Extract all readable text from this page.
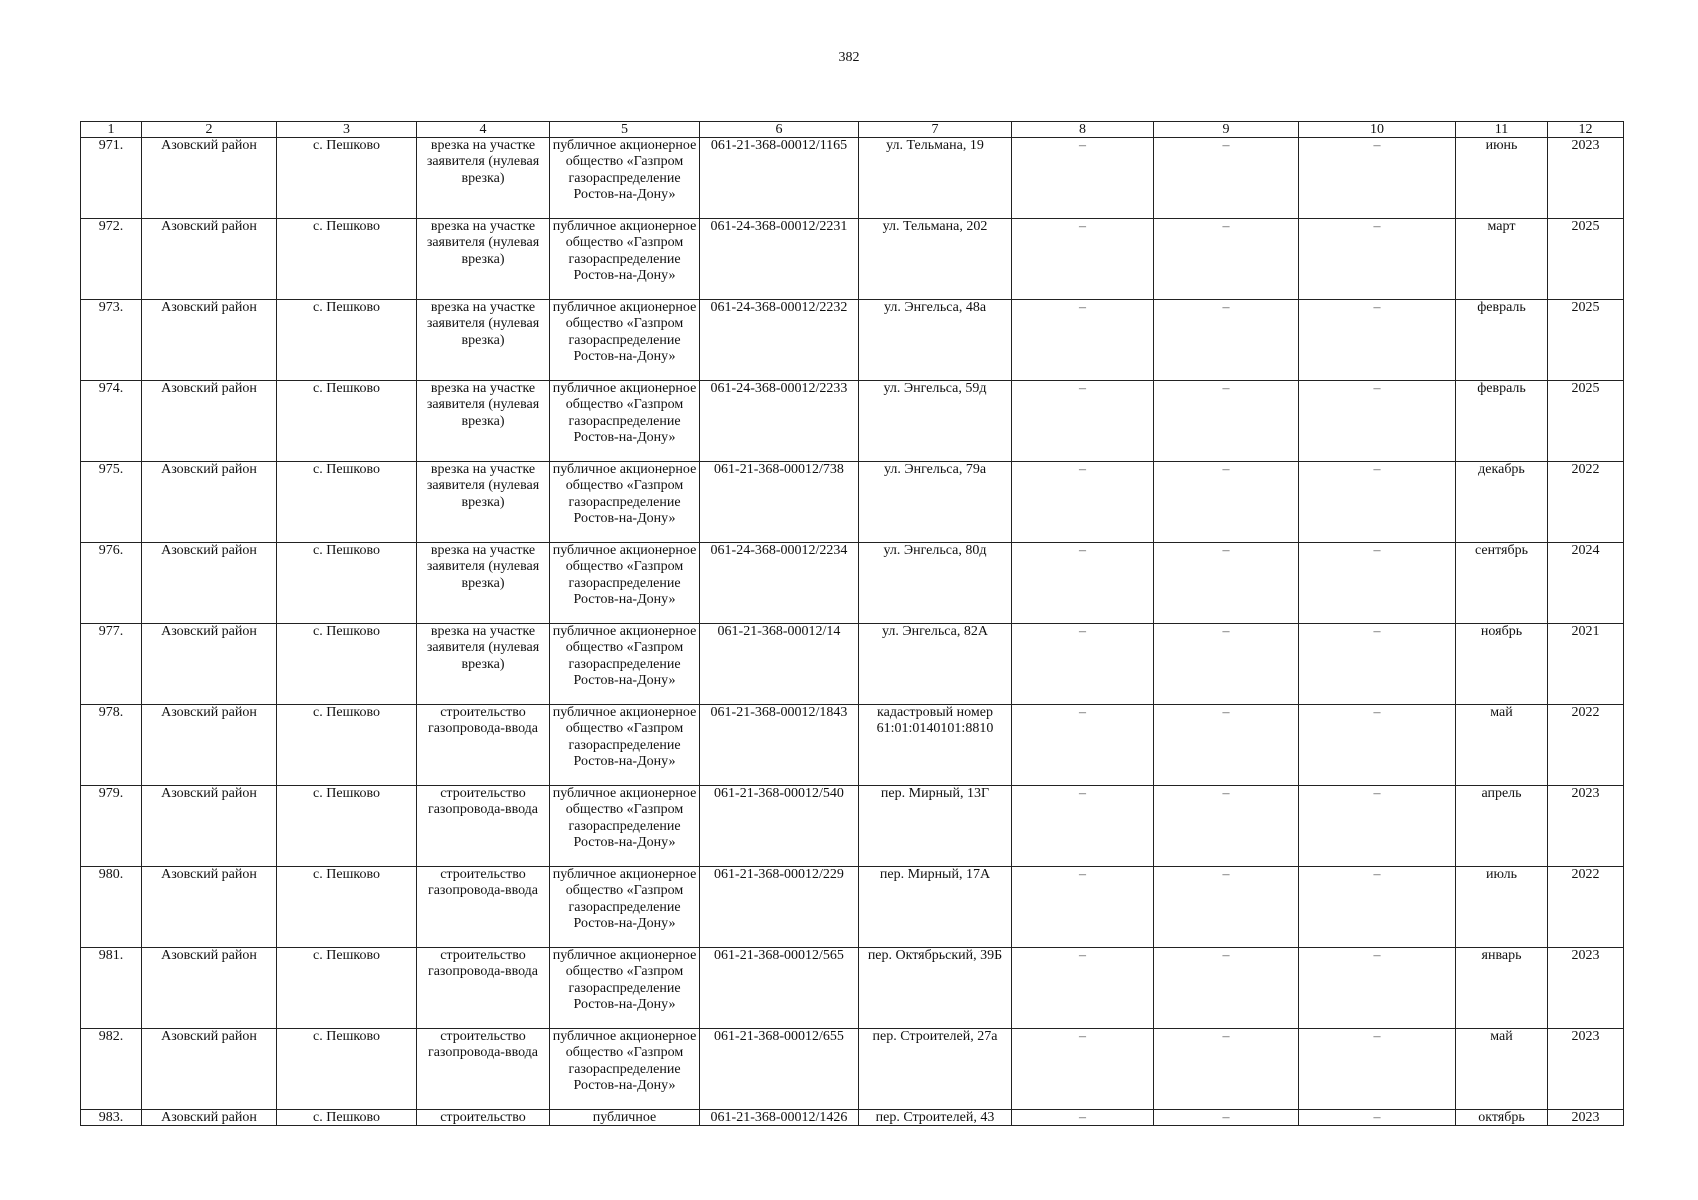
382
1	2	3	4	5	6	7	8	9	10	11	12
971.	Азовский район	с. Пешково	врезка на участке заявителя (нулевая врезка)	публичное акционерное общество «Газпром газораспределение Ростов-на-Дону»	061-21-368-00012/1165	ул. Тельмана, 19	–	–	–	июнь	2023
972.	Азовский район	с. Пешково	врезка на участке заявителя (нулевая врезка)	публичное акционерное общество «Газпром газораспределение Ростов-на-Дону»	061-24-368-00012/2231	ул. Тельмана, 202	–	–	–	март	2025
973.	Азовский район	с. Пешково	врезка на участке заявителя (нулевая врезка)	публичное акционерное общество «Газпром газораспределение Ростов-на-Дону»	061-24-368-00012/2232	ул. Энгельса, 48а	–	–	–	февраль	2025
974.	Азовский район	с. Пешково	врезка на участке заявителя (нулевая врезка)	публичное акционерное общество «Газпром газораспределение Ростов-на-Дону»	061-24-368-00012/2233	ул. Энгельса, 59д	–	–	–	февраль	2025
975.	Азовский район	с. Пешково	врезка на участке заявителя (нулевая врезка)	публичное акционерное общество «Газпром газораспределение Ростов-на-Дону»	061-21-368-00012/738	ул. Энгельса, 79а	–	–	–	декабрь	2022
976.	Азовский район	с. Пешково	врезка на участке заявителя (нулевая врезка)	публичное акционерное общество «Газпром газораспределение Ростов-на-Дону»	061-24-368-00012/2234	ул. Энгельса, 80д	–	–	–	сентябрь	2024
977.	Азовский район	с. Пешково	врезка на участке заявителя (нулевая врезка)	публичное акционерное общество «Газпром газораспределение Ростов-на-Дону»	061-21-368-00012/14	ул. Энгельса, 82А	–	–	–	ноябрь	2021
978.	Азовский район	с. Пешково	строительство газопровода-ввода	публичное акционерное общество «Газпром газораспределение Ростов-на-Дону»	061-21-368-00012/1843	кадастровый номер 61:01:0140101:8810	–	–	–	май	2022
979.	Азовский район	с. Пешково	строительство газопровода-ввода	публичное акционерное общество «Газпром газораспределение Ростов-на-Дону»	061-21-368-00012/540	пер. Мирный, 13Г	–	–	–	апрель	2023
980.	Азовский район	с. Пешково	строительство газопровода-ввода	публичное акционерное общество «Газпром газораспределение Ростов-на-Дону»	061-21-368-00012/229	пер. Мирный, 17А	–	–	–	июль	2022
981.	Азовский район	с. Пешково	строительство газопровода-ввода	публичное акционерное общество «Газпром газораспределение Ростов-на-Дону»	061-21-368-00012/565	пер. Октябрьский, 39Б	–	–	–	январь	2023
982.	Азовский район	с. Пешково	строительство газопровода-ввода	публичное акционерное общество «Газпром газораспределение Ростов-на-Дону»	061-21-368-00012/655	пер. Строителей, 27а	–	–	–	май	2023
983.	Азовский район	с. Пешково	строительство	публичное	061-21-368-00012/1426	пер. Строителей, 43	–	–	–	октябрь	2023
